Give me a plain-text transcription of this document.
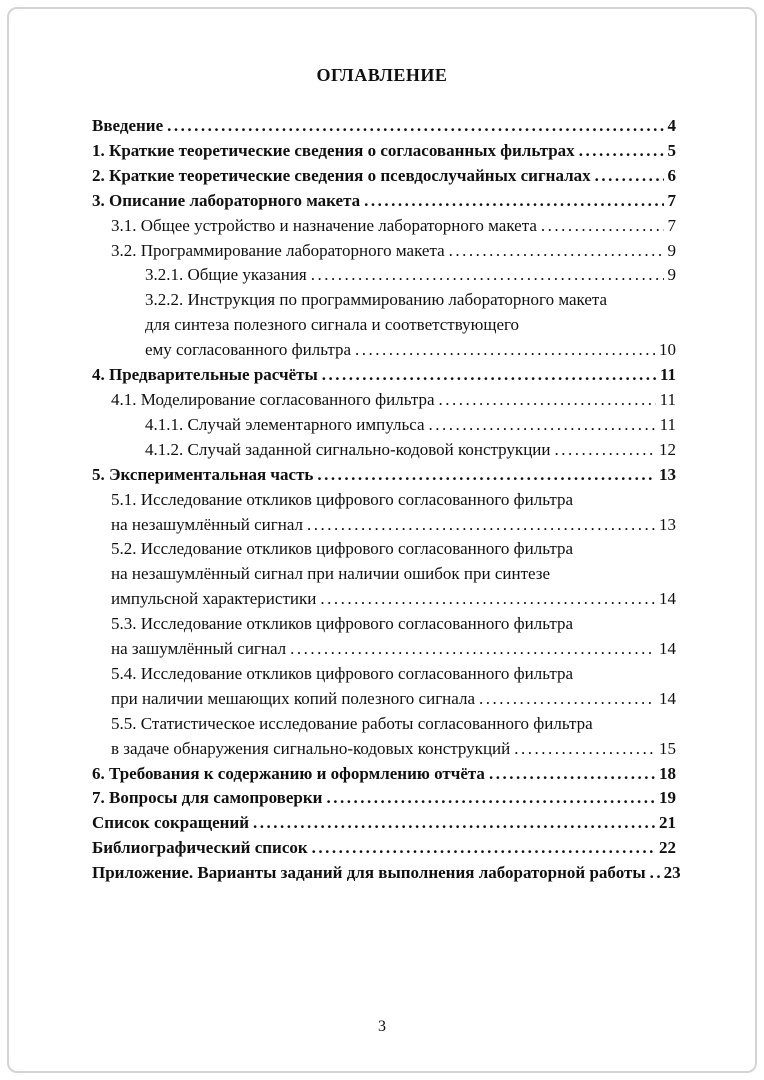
ОГЛАВЛЕНИЕ
Введение .....	4
1. Краткие теоретические сведения о согласованных фильтрах .....	5
2. Краткие теоретические сведения о псевдослучайных сигналах .....	6
3. Описание лабораторного макета .....	7
3.1. Общее устройство и назначение лабораторного макета .....	7
3.2. Программирование лабораторного макета .....	9
3.2.1. Общие указания .....	9
3.2.2. Инструкция по программированию лабораторного макета
для синтеза полезного сигнала и соответствующего
ему согласованного фильтра .....	10
4. Предварительные расчёты .....	11
4.1. Моделирование согласованного фильтра .....	11
4.1.1. Случай элементарного импульса .....	11
4.1.2. Случай заданной сигнально-кодовой конструкции .....	12
5. Экспериментальная часть .....	13
5.1. Исследование откликов цифрового согласованного фильтра
на незашумлённый сигнал .....	13
5.2. Исследование откликов цифрового согласованного фильтра
на незашумлённый сигнал при наличии ошибок при синтезе
импульсной характеристики .....	14
5.3. Исследование откликов цифрового согласованного фильтра
на зашумлённый сигнал .....	14
5.4. Исследование откликов цифрового согласованного фильтра
при наличии мешающих копий полезного сигнала .....	14
5.5. Статистическое исследование работы согласованного фильтра
в задаче обнаружения сигнально-кодовых конструкций .....	15
6. Требования к содержанию и оформлению отчёта .....	18
7. Вопросы для самопроверки .....	19
Список сокращений .....	21
Библиографический список .....	22
Приложение. Варианты заданий для выполнения лабораторной работы ..... 23
3
